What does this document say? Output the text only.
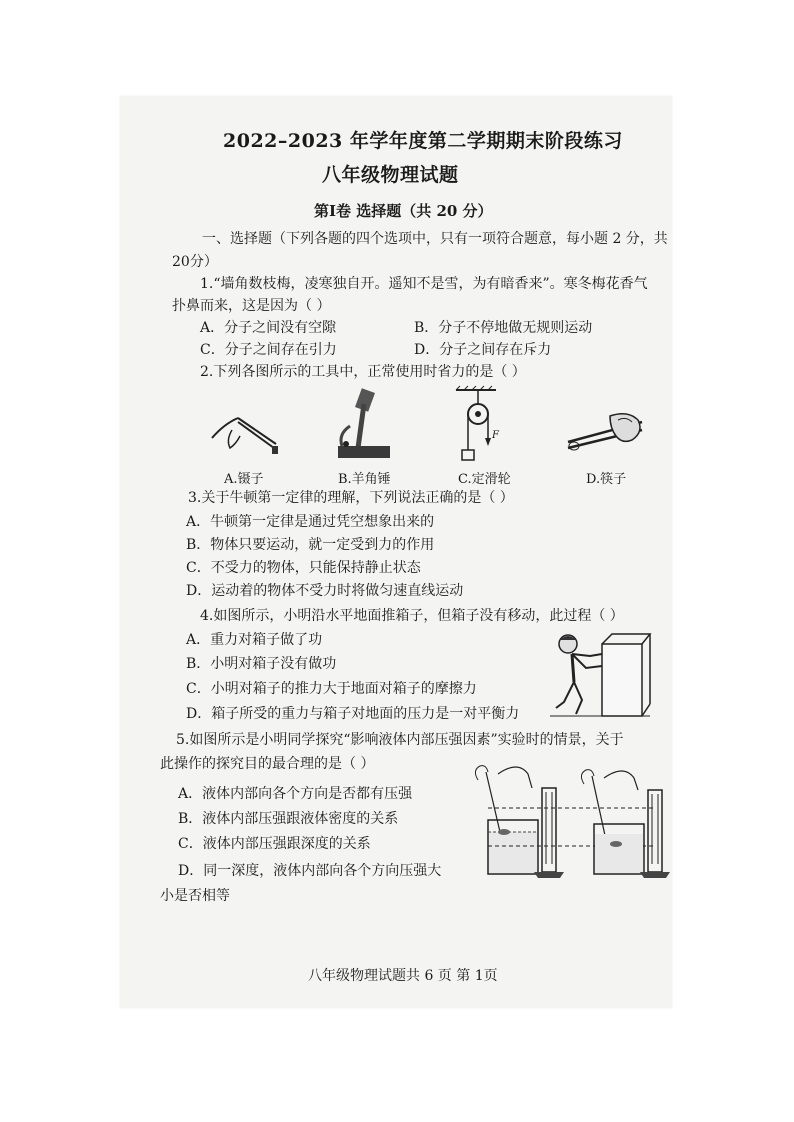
2022–2023 年学年度第二学期期末阶段练习
八年级物理试题
第Ⅰ卷 选择题（共 20 分）
一、选择题（下列各题的四个选项中，只有一项符合题意，每小题 2 分，共
20分）
1.“墙角数枝梅，凌寒独自开。遥知不是雪，为有暗香来”。寒冬梅花香气
扑鼻而来，这是因为（ ）
A．分子之间没有空隙	B．分子不停地做无规则运动
C．分子之间存在引力	D．分子之间存在斥力
2.下列各图所示的工具中，正常使用时省力的是（ ）
F
A.镊子	B.羊角锤	C.定滑轮	D.筷子
3.关于牛顿第一定律的理解，下列说法正确的是（ ）
A．牛顿第一定律是通过凭空想象出来的
B．物体只要运动，就一定受到力的作用
C．不受力的物体，只能保持静止状态
D．运动着的物体不受力时将做匀速直线运动
4.如图所示，小明沿水平地面推箱子，但箱子没有移动，此过程（ ）
A．重力对箱子做了功
B．小明对箱子没有做功
C．小明对箱子的推力大于地面对箱子的摩擦力
D．箱子所受的重力与箱子对地面的压力是一对平衡力
5.如图所示是小明同学探究“影响液体内部压强因素”实验时的情景，关于
此操作的探究目的最合理的是（ ）
A．液体内部向各个方向是否都有压强
B．液体内部压强跟液体密度的关系
C．液体内部压强跟深度的关系
D．同一深度，液体内部向各个方向压强大
小是否相等
八年级物理试题共 6 页 第 1页
